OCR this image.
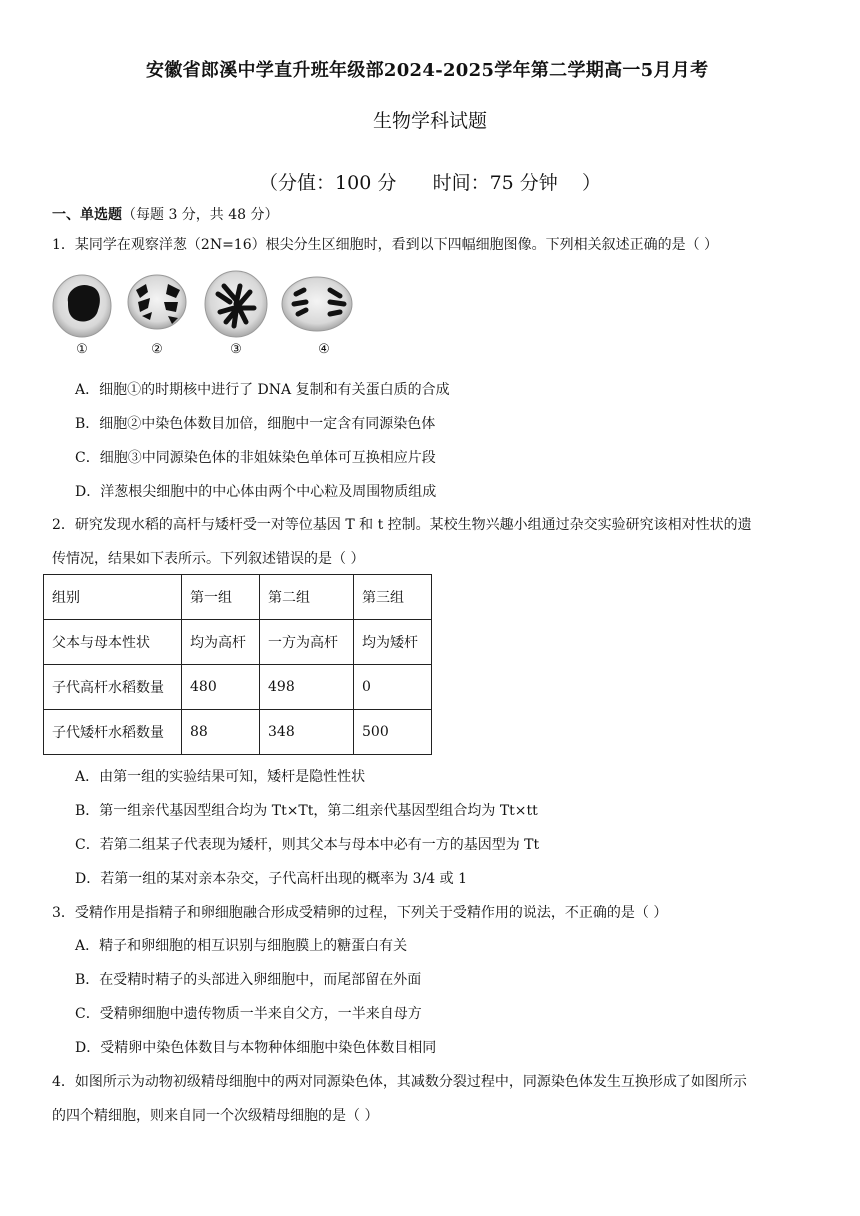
安徽省郎溪中学直升班年级部2024-2025学年第二学期高一5月月考
生物学科试题
（分值：100 分      时间：75 分钟    ）
一、单选题（每题 3 分，共 48 分）
1．某同学在观察洋葱（2N=16）根尖分生区细胞时，看到以下四幅细胞图像。下列相关叙述正确的是（ ）
①	②	③	④
A．细胞①的时期核中进行了 DNA 复制和有关蛋白质的合成
B．细胞②中染色体数目加倍，细胞中一定含有同源染色体
C．细胞③中同源染色体的非姐妹染色单体可互换相应片段
D．洋葱根尖细胞中的中心体由两个中心粒及周围物质组成
2．研究发现水稻的高杆与矮杆受一对等位基因 T 和 t 控制。某校生物兴趣小组通过杂交实验研究该相对性状的遗
传情况，结果如下表所示。下列叙述错误的是（ ）
组别	第一组	第二组	第三组
父本与母本性状	均为高杆	一方为高杆	均为矮杆
子代高杆水稻数量	480	498	0
子代矮杆水稻数量	88	348	500
A．由第一组的实验结果可知，矮杆是隐性性状
B．第一组亲代基因型组合均为 Tt×Tt，第二组亲代基因型组合均为 Tt×tt
C．若第二组某子代表现为矮杆，则其父本与母本中必有一方的基因型为 Tt
D．若第一组的某对亲本杂交，子代高杆出现的概率为 3/4 或 1
3．受精作用是指精子和卵细胞融合形成受精卵的过程，下列关于受精作用的说法，不正确的是（ ）
A．精子和卵细胞的相互识别与细胞膜上的糖蛋白有关
B．在受精时精子的头部进入卵细胞中，而尾部留在外面
C．受精卵细胞中遗传物质一半来自父方，一半来自母方
D．受精卵中染色体数目与本物种体细胞中染色体数目相同
4．如图所示为动物初级精母细胞中的两对同源染色体，其减数分裂过程中，同源染色体发生互换形成了如图所示
的四个精细胞，则来自同一个次级精母细胞的是（ ）
